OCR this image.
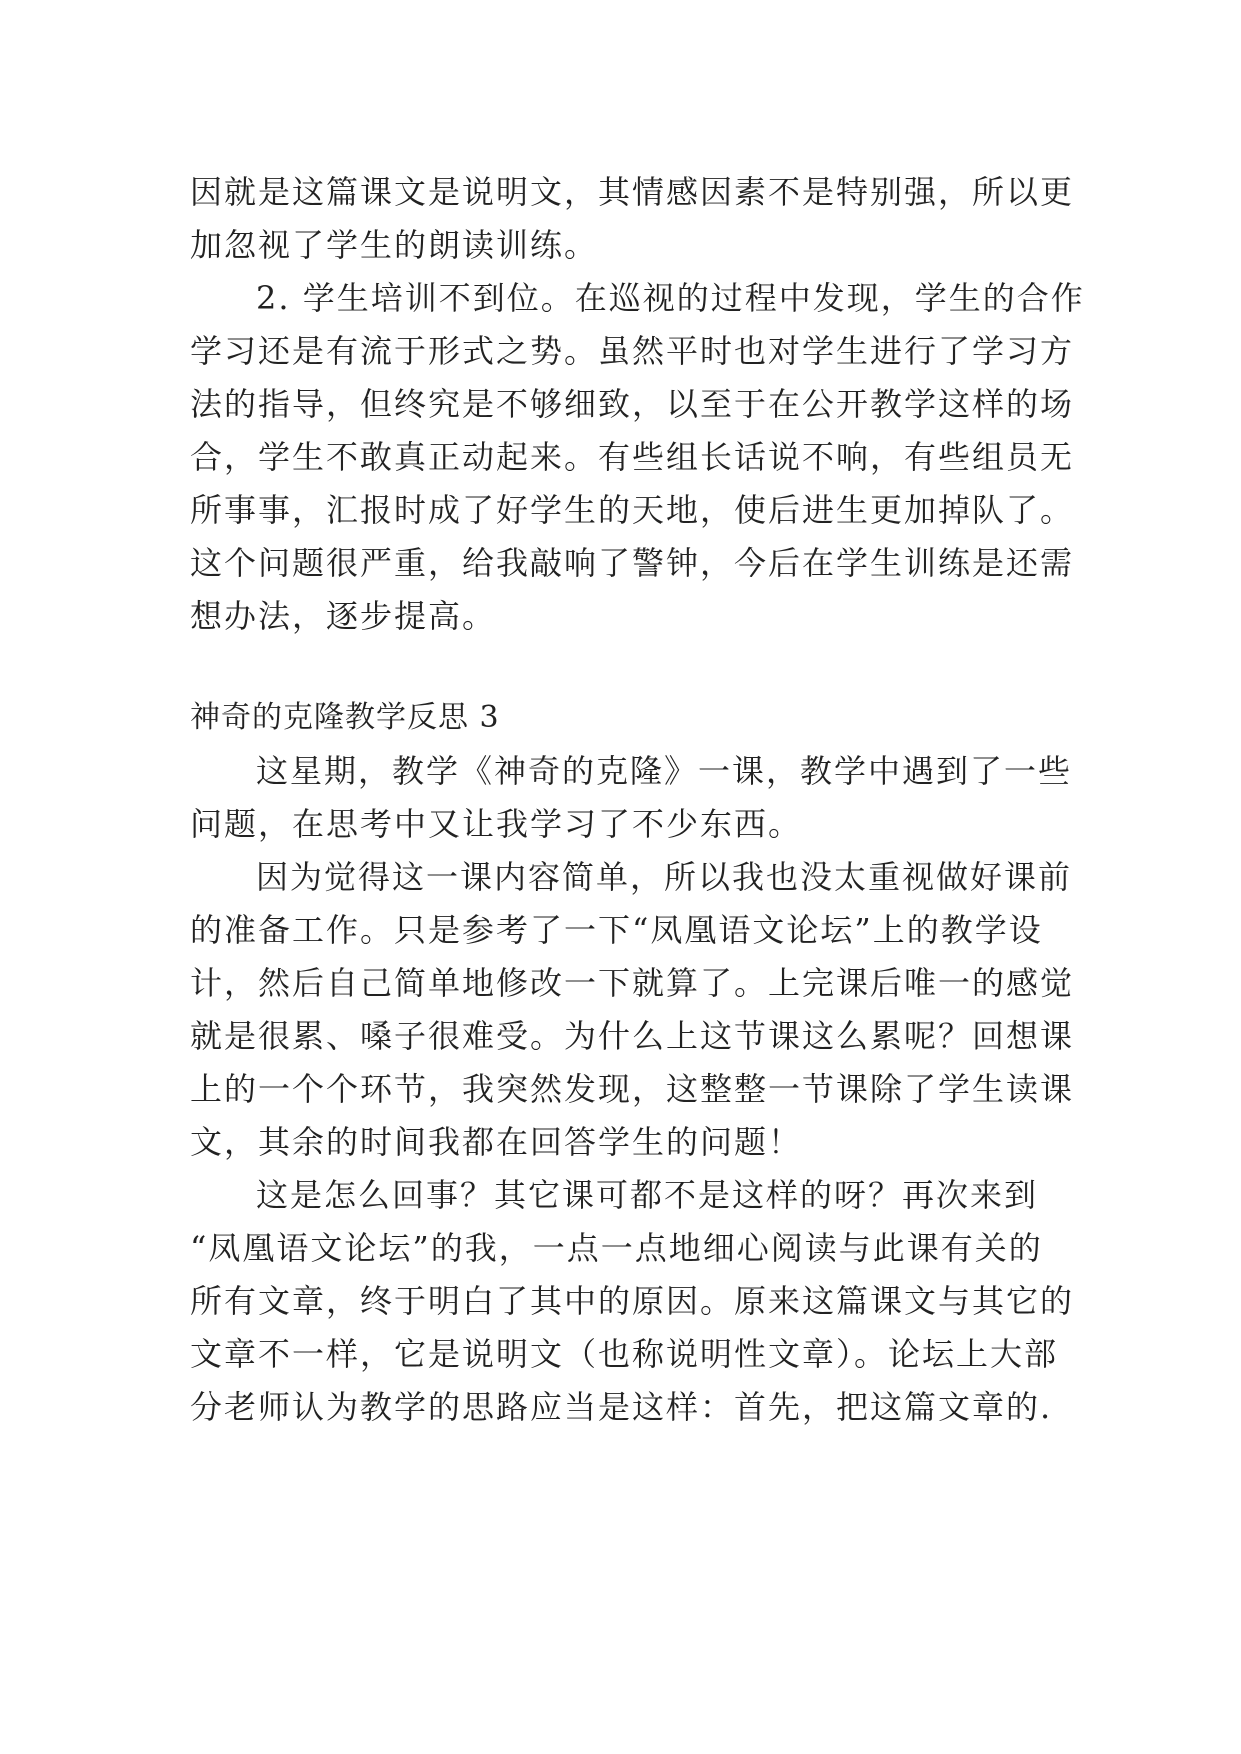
因就是这篇课文是说明文，其情感因素不是特别强，所以更
加忽视了学生的朗读训练。
2. 学生培训不到位。在巡视的过程中发现，学生的合作
学习还是有流于形式之势。虽然平时也对学生进行了学习方
法的指导，但终究是不够细致，以至于在公开教学这样的场
合，学生不敢真正动起来。有些组长话说不响，有些组员无
所事事，汇报时成了好学生的天地，使后进生更加掉队了。
这个问题很严重，给我敲响了警钟，今后在学生训练是还需
想办法，逐步提高。
神奇的克隆教学反思 3
这星期，教学《神奇的克隆》一课，教学中遇到了一些
问题，在思考中又让我学习了不少东西。
因为觉得这一课内容简单，所以我也没太重视做好课前
的准备工作。只是参考了一下“凤凰语文论坛”上的教学设
计，然后自己简单地修改一下就算了。上完课后唯一的感觉
就是很累、嗓子很难受。为什么上这节课这么累呢？回想课
上的一个个环节，我突然发现，这整整一节课除了学生读课
文，其余的时间我都在回答学生的问题！
这是怎么回事？其它课可都不是这样的呀？再次来到
“凤凰语文论坛”的我，一点一点地细心阅读与此课有关的
所有文章，终于明白了其中的原因。原来这篇课文与其它的
文章不一样，它是说明文（也称说明性文章）。论坛上大部
分老师认为教学的思路应当是这样：首先，把这篇文章的.
